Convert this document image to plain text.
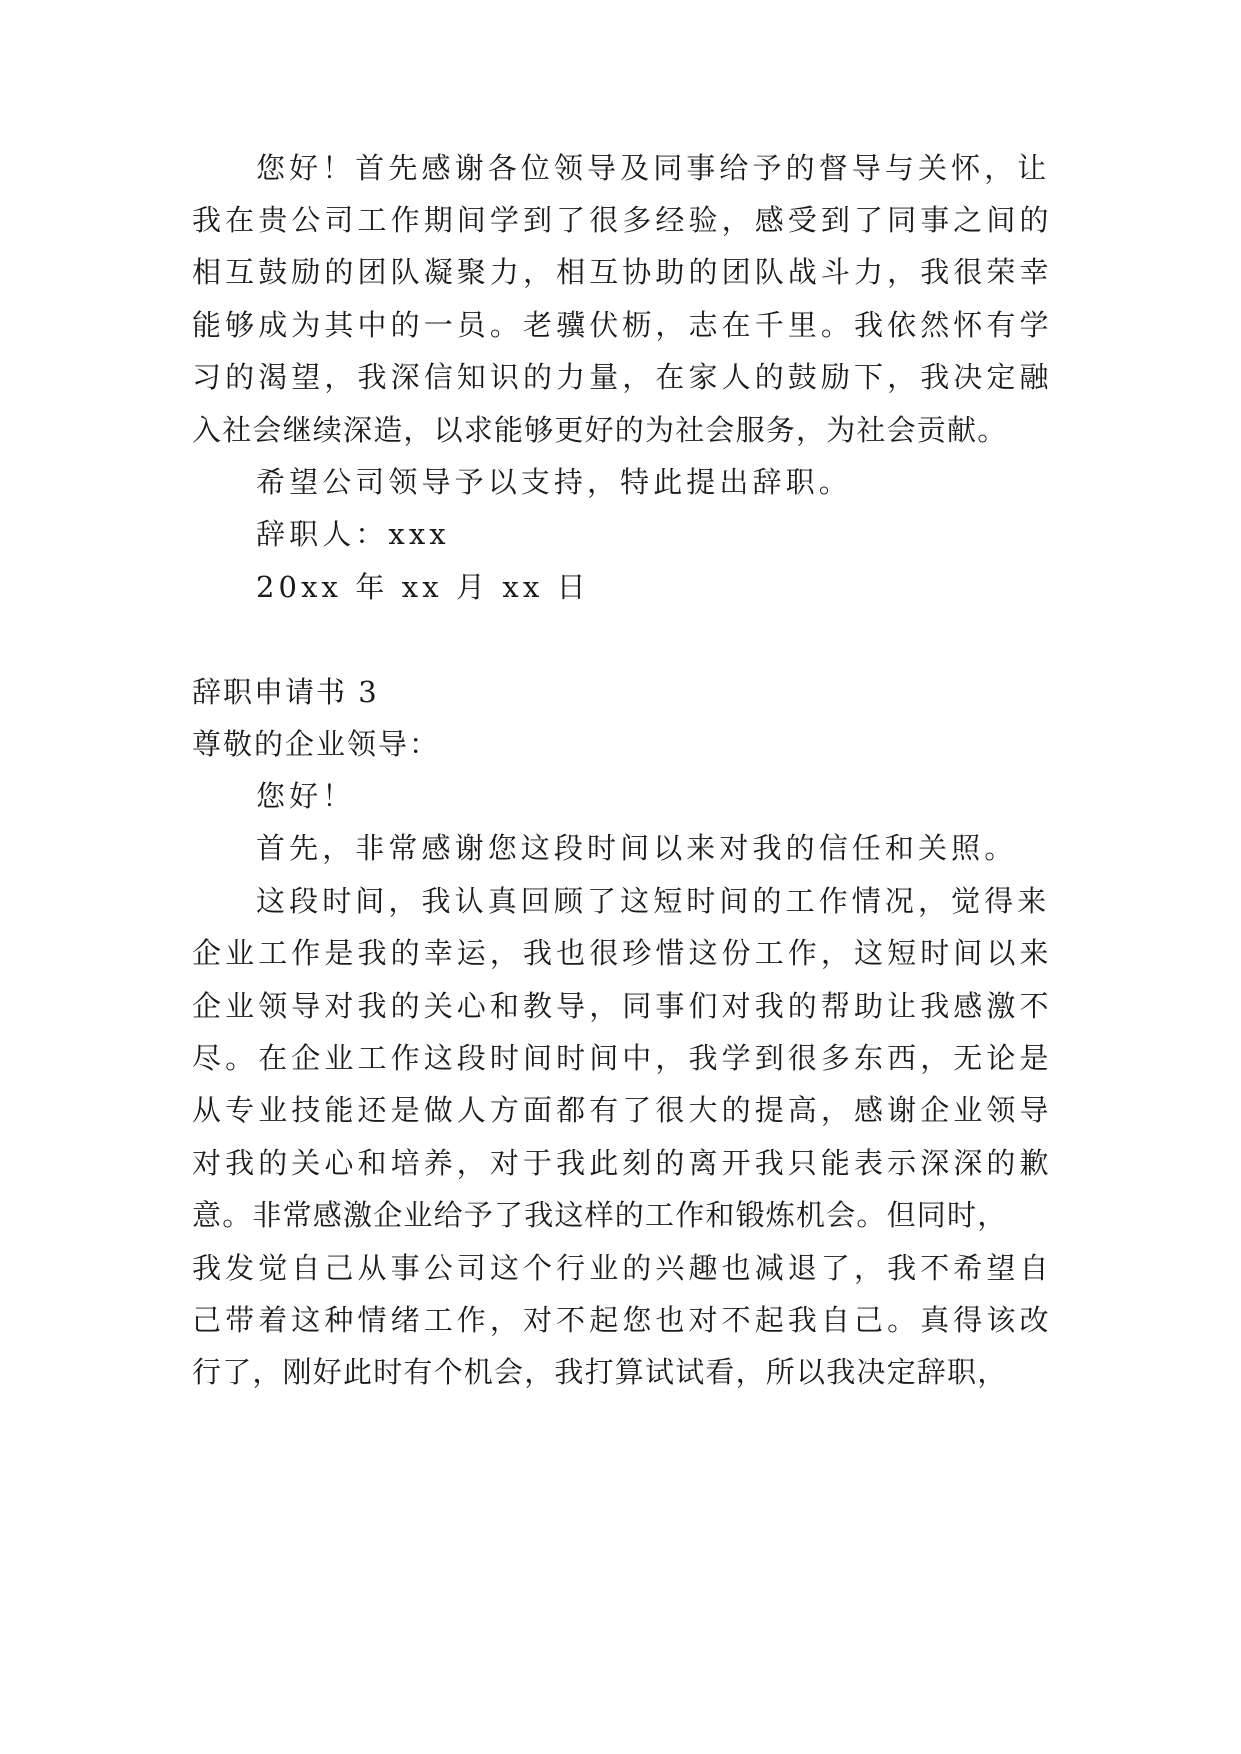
您好！首先感谢各位领导及同事给予的督导与关怀，让
我在贵公司工作期间学到了很多经验，感受到了同事之间的
相互鼓励的团队凝聚力，相互协助的团队战斗力，我很荣幸
能够成为其中的一员。老骥伏枥，志在千里。我依然怀有学
习的渴望，我深信知识的力量，在家人的鼓励下，我决定融
入社会继续深造，以求能够更好的为社会服务，为社会贡献。
希望公司领导予以支持，特此提出辞职。
辞职人：xxx
20xx 年 xx 月 xx 日
辞职申请书 3
尊敬的企业领导：
您好！
首先，非常感谢您这段时间以来对我的信任和关照。
这段时间，我认真回顾了这短时间的工作情况，觉得来
企业工作是我的幸运，我也很珍惜这份工作，这短时间以来
企业领导对我的关心和教导，同事们对我的帮助让我感激不
尽。在企业工作这段时间时间中，我学到很多东西，无论是
从专业技能还是做人方面都有了很大的提高，感谢企业领导
对我的关心和培养，对于我此刻的离开我只能表示深深的歉
意。非常感激企业给予了我这样的工作和锻炼机会。但同时，
我发觉自己从事公司这个行业的兴趣也减退了，我不希望自
己带着这种情绪工作，对不起您也对不起我自己。真得该改
行了，刚好此时有个机会，我打算试试看，所以我决定辞职，
